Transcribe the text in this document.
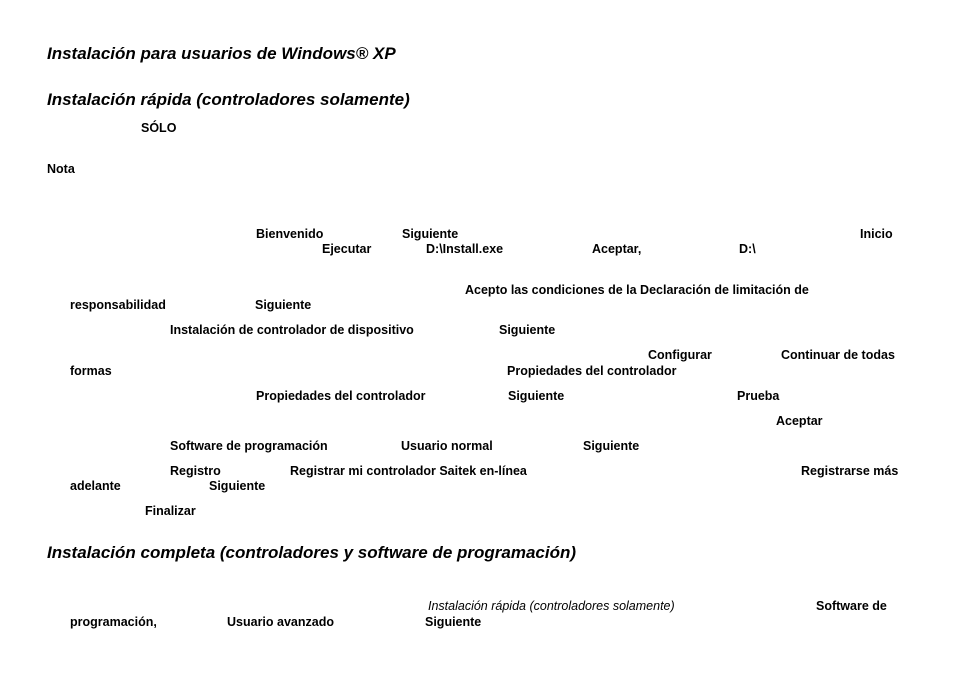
Instalación para usuarios de Windows® XP
Instalación rápida (controladores solamente)
SÓLO
Nota
Bienvenido	Siguiente	Inicio
Ejecutar	D:\Install.exe	Aceptar,	D:\
Acepto las condiciones de la Declaración de limitación de
responsabilidad	Siguiente
Instalación de controlador de dispositivo	Siguiente
Configurar	Continuar de todas
formas	Propiedades del controlador
Propiedades del controlador	Siguiente	Prueba
Aceptar
Software de programación	Usuario normal	Siguiente
Registro	Registrar mi controlador Saitek en-línea	Registrarse más
adelante	Siguiente
Finalizar
Instalación completa (controladores y software de programación)
Instalación rápida (controladores solamente)	Software de
programación,	Usuario avanzado	Siguiente
